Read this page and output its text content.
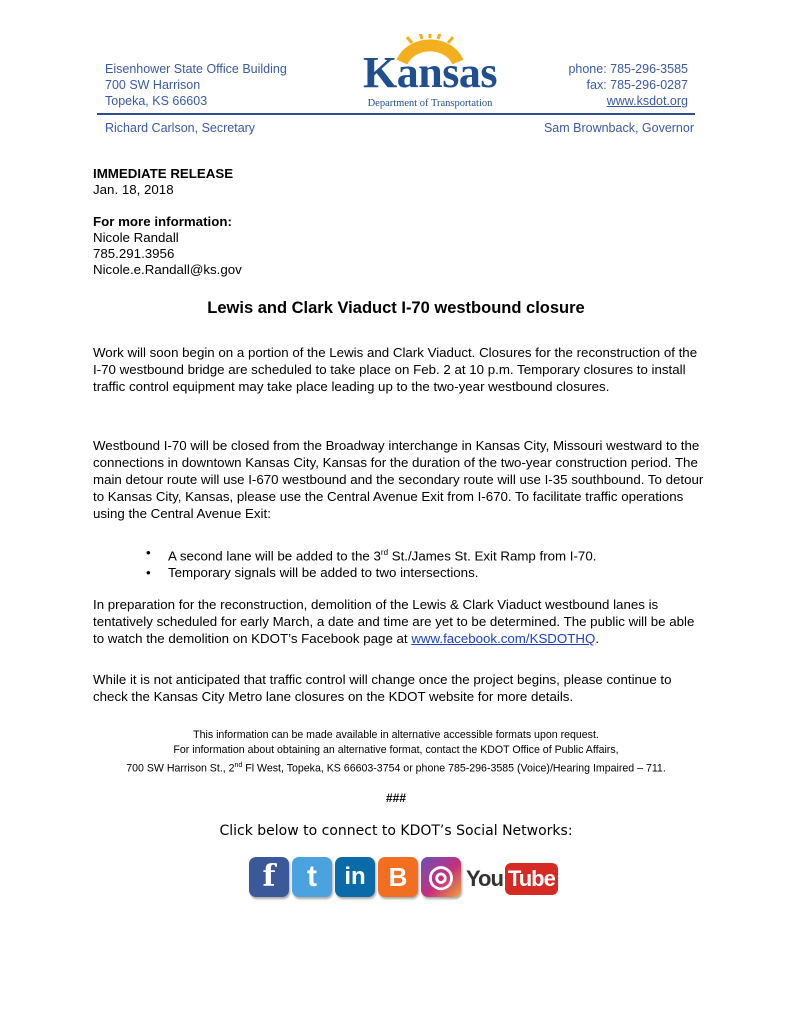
Eisenhower State Office Building
700 SW Harrison
Topeka, KS 66603
Kansas
Department of Transportation
phone: 785-296-3585
fax: 785-296-0287
www.ksdot.org
Richard Carlson, Secretary	Sam Brownback, Governor
IMMEDIATE RELEASE
Jan. 18, 2018
For more information:
Nicole Randall
785.291.3956
Nicole.e.Randall@ks.gov
Lewis and Clark Viaduct I-70 westbound closure
Work will soon begin on a portion of the Lewis and Clark Viaduct. Closures for the reconstruction of the I-70 westbound bridge are scheduled to take place on Feb. 2 at 10 p.m. Temporary closures to install traffic control equipment may take place leading up to the two-year westbound closures.
Westbound I-70 will be closed from the Broadway interchange in Kansas City, Missouri westward to the connections in downtown Kansas City, Kansas for the duration of the two-year construction period. The main detour route will use I-670 westbound and the secondary route will use I-35 southbound. To detour to Kansas City, Kansas, please use the Central Avenue Exit from I-670. To facilitate traffic operations using the Central Avenue Exit:
• A second lane will be added to the 3rd St./James St. Exit Ramp from I-70.
• Temporary signals will be added to two intersections.
In preparation for the reconstruction, demolition of the Lewis & Clark Viaduct westbound lanes is tentatively scheduled for early March, a date and time are yet to be determined. The public will be able to watch the demolition on KDOT’s Facebook page at www.facebook.com/KSDOTHQ.
While it is not anticipated that traffic control will change once the project begins, please continue to check the Kansas City Metro lane closures on the KDOT website for more details.
This information can be made available in alternative accessible formats upon request.
For information about obtaining an alternative format, contact the KDOT Office of Public Affairs,
700 SW Harrison St., 2nd Fl West, Topeka, KS 66603-3754 or phone 785-296-3585 (Voice)/Hearing Impaired – 711.
###
Click below to connect to KDOT’s Social Networks:
f	t	in B ◎ You Tube
